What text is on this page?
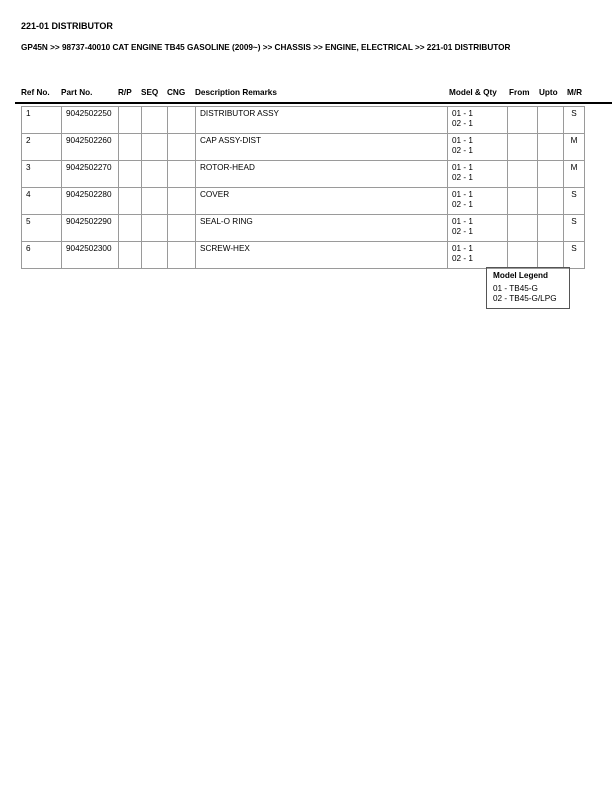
221-01 DISTRIBUTOR
GP45N >> 98737-40010 CAT ENGINE TB45 GASOLINE (2009~) >> CHASSIS >> ENGINE, ELECTRICAL >> 221-01 DISTRIBUTOR
Ref No. Part No.	R/P SEQ CNG Description Remarks	Model & Qty From Upto M/R
1	9042502250				DISTRIBUTOR ASSY	01 - 1
02 - 1			S
2	9042502260				CAP ASSY-DIST	01 - 1
02 - 1			M
3	9042502270				ROTOR-HEAD	01 - 1
02 - 1			M
4	9042502280				COVER	01 - 1
02 - 1			S
5	9042502290				SEAL-O RING	01 - 1
02 - 1			S
6	9042502300				SCREW-HEX	01 - 1
02 - 1			S
Model Legend
01 - TB45-G
02 - TB45-G/LPG
